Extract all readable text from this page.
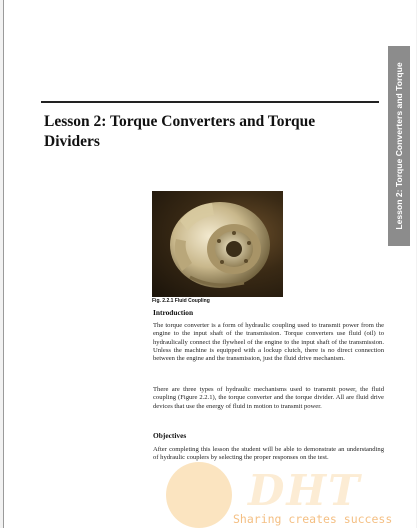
Lesson 2: Torque Converters and Torque
Lesson 2: Torque Converters and Torque Dividers
Fig. 2.2.1 Fluid Coupling
Introduction

The torque converter is a form of hydraulic coupling used to transmit power from the engine to the input shaft of the transmission. Torque converters use fluid (oil) to hydraulically connect the flywheel of the engine to the input shaft of the transmission. Unless the machine is equipped with a lockup clutch, there is no direct connection between the engine and the transmission, just the fluid drive mechanism.

There are three types of hydraulic mechanisms used to transmit power, the fluid coupling (Figure 2.2.1), the torque converter and the torque divider. All are fluid drive devices that use the energy of fluid in motion to transmit power.

Objectives

After completing this lesson the student will be able to demonstrate an understanding of hydraulic couplers by selecting the proper responses on the test.

DHT
Sharing creates success
